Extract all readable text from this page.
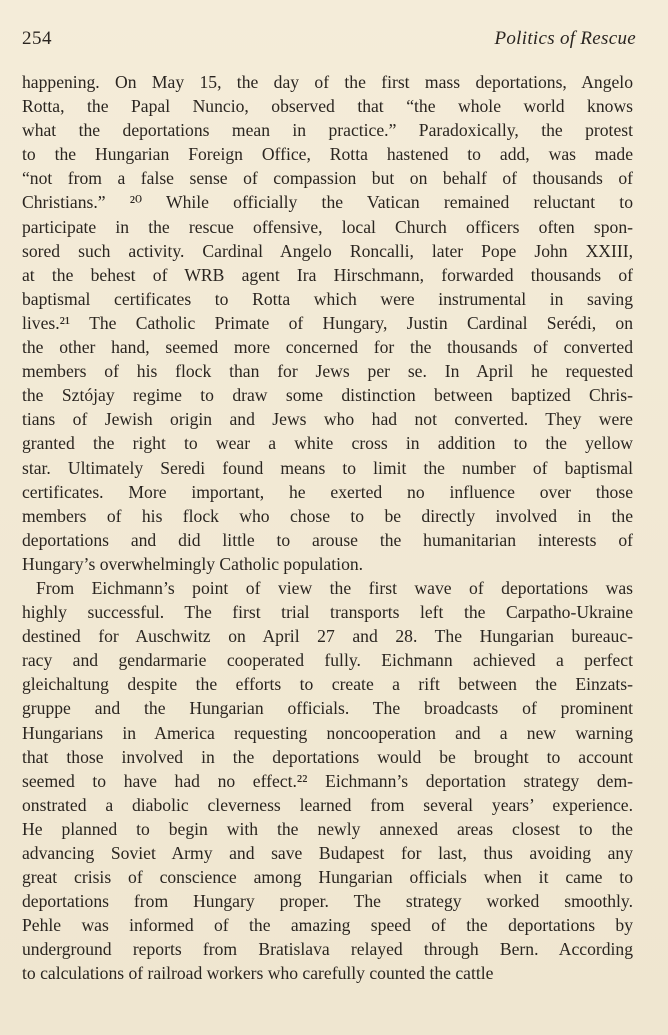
254	Politics of Rescue
happening. On May 15, the day of the first mass deportations, Angelo
Rotta, the Papal Nuncio, observed that “the whole world knows
what the deportations mean in practice.” Paradoxically, the protest
to the Hungarian Foreign Office, Rotta hastened to add, was made
“not from a false sense of compassion but on behalf of thousands of
Christians.” ²⁰ While officially the Vatican remained reluctant to
participate in the rescue offensive, local Church officers often spon-
sored such activity. Cardinal Angelo Roncalli, later Pope John XXIII,
at the behest of WRB agent Ira Hirschmann, forwarded thousands of
baptismal certificates to Rotta which were instrumental in saving
lives.²¹ The Catholic Primate of Hungary, Justin Cardinal Serédi, on
the other hand, seemed more concerned for the thousands of converted
members of his flock than for Jews per se. In April he requested
the Sztójay regime to draw some distinction between baptized Chris-
tians of Jewish origin and Jews who had not converted. They were
granted the right to wear a white cross in addition to the yellow
star. Ultimately Seredi found means to limit the number of baptismal
certificates. More important, he exerted no influence over those
members of his flock who chose to be directly involved in the
deportations and did little to arouse the humanitarian interests of
Hungary’s overwhelmingly Catholic population.
From Eichmann’s point of view the first wave of deportations was
highly successful. The first trial transports left the Carpatho-Ukraine
destined for Auschwitz on April 27 and 28. The Hungarian bureauc-
racy and gendarmarie cooperated fully. Eichmann achieved a perfect
gleichaltung despite the efforts to create a rift between the Einzats-
gruppe and the Hungarian officials. The broadcasts of prominent
Hungarians in America requesting noncooperation and a new warning
that those involved in the deportations would be brought to account
seemed to have had no effect.²² Eichmann’s deportation strategy dem-
onstrated a diabolic cleverness learned from several years’ experience.
He planned to begin with the newly annexed areas closest to the
advancing Soviet Army and save Budapest for last, thus avoiding any
great crisis of conscience among Hungarian officials when it came to
deportations from Hungary proper. The strategy worked smoothly.
Pehle was informed of the amazing speed of the deportations by
underground reports from Bratislava relayed through Bern. According
to calculations of railroad workers who carefully counted the cattle
